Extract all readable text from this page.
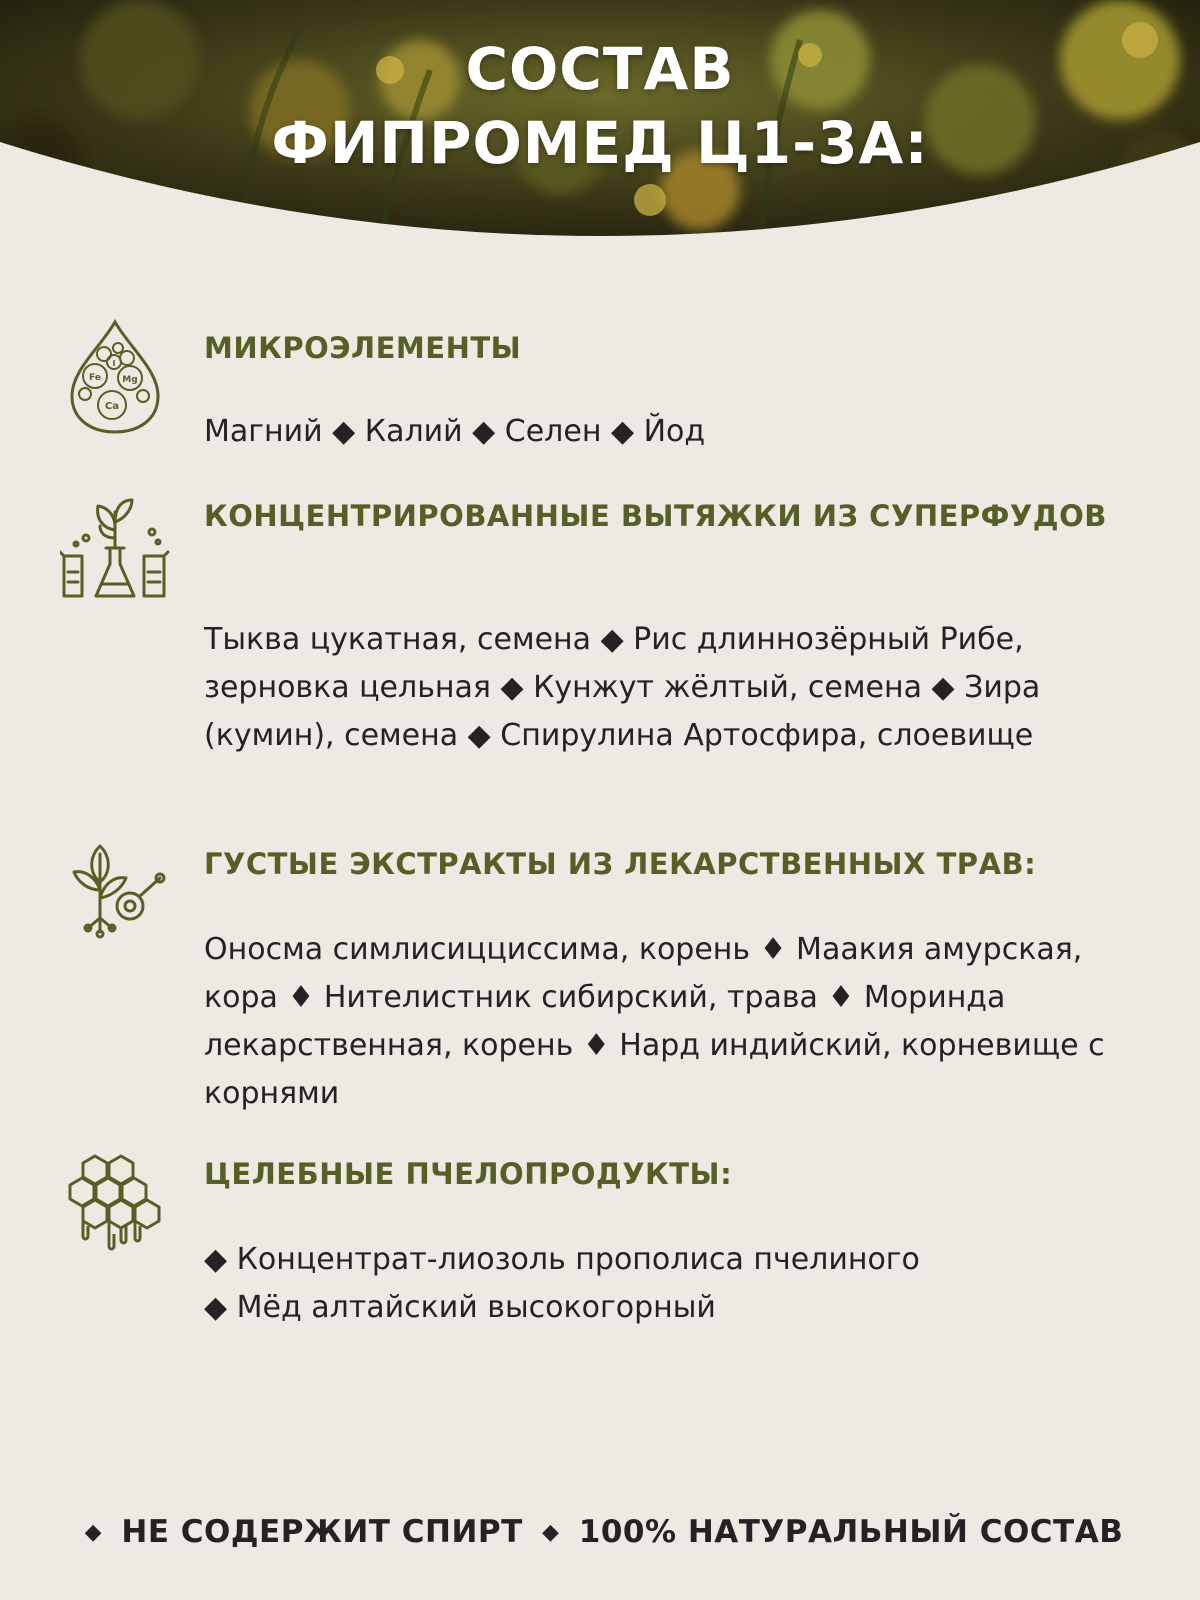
СОСТАВ
ФИПРОМЕД Ц1-3А:
I
Fe Mg
Ca
МИКРОЭЛЕМЕНТЫ
Магний ◆ Калий ◆ Селен ◆ Йод
КОНЦЕНТРИРОВАННЫЕ ВЫТЯЖКИ ИЗ СУПЕРФУДОВ
Тыква цукатная, семена ◆ Рис длиннозёрный Рибе, зерновка цельная ◆ Кунжут жёлтый, семена ◆ Зира (кумин), семена ◆ Спирулина Артосфира, слоевище
ГУСТЫЕ ЭКСТРАКТЫ ИЗ ЛЕКАРСТВЕННЫХ ТРАВ:
Оносма симлисицциссима, корень ♦ Маакия амурская, кора ♦ Нителистник сибирский, трава ♦ Моринда лекарственная, корень ♦ Нард индийский, корневище с корнями
ЦЕЛЕБНЫЕ ПЧЕЛОПРОДУКТЫ:
◆ Концентрат-лиозоль прополиса пчелиного
◆ Мёд алтайский высокогорный
◆ НЕ СОДЕРЖИТ СПИРТ ◆ 100% НАТУРАЛЬНЫЙ СОСТАВ
